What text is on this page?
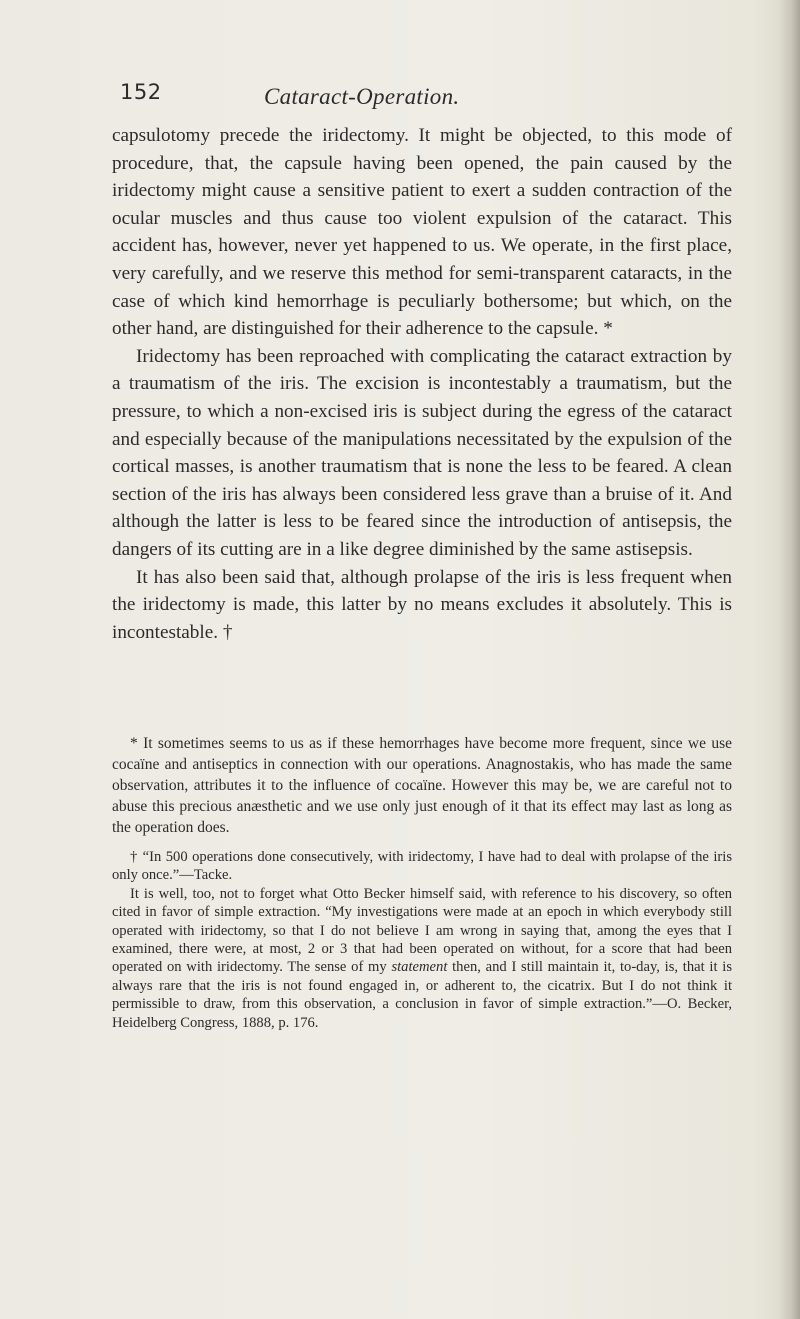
152	Cataract-Operation.

capsulotomy precede the iridectomy. It might be objected, to this mode of procedure, that, the capsule having been opened, the pain caused by the iridectomy might cause a sensitive patient to exert a sudden contraction of the ocular muscles and thus cause too violent expulsion of the cataract. This accident has, however, never yet happened to us. We operate, in the first place, very carefully, and we reserve this method for semi-transparent cataracts, in the case of which kind hemorrhage is peculiarly bothersome; but which, on the other hand, are distinguished for their adherence to the capsule. *

Iridectomy has been reproached with complicating the cataract extraction by a traumatism of the iris. The excision is incontestably a traumatism, but the pressure, to which a non-excised iris is subject during the egress of the cataract and especially because of the manipulations necessitated by the expulsion of the cortical masses, is another traumatism that is none the less to be feared. A clean section of the iris has always been considered less grave than a bruise of it. And although the latter is less to be feared since the introduction of antisepsis, the dangers of its cutting are in a like degree diminished by the same astisepsis.

It has also been said that, although prolapse of the iris is less frequent when the iridectomy is made, this latter by no means excludes it absolutely. This is incontestable. †

* It sometimes seems to us as if these hemorrhages have become more frequent, since we use cocaïne and antiseptics in connection with our operations. Anagnostakis, who has made the same observation, attributes it to the influence of cocaïne. However this may be, we are careful not to abuse this precious anæsthetic and we use only just enough of it that its effect may last as long as the operation does.

† “In 500 operations done consecutively, with iridectomy, I have had to deal with prolapse of the iris only once.”—Tacke.

It is well, too, not to forget what Otto Becker himself said, with reference to his discovery, so often cited in favor of simple extraction. “My investigations were made at an epoch in which everybody still operated with iridectomy, so that I do not believe I am wrong in saying that, among the eyes that I examined, there were, at most, 2 or 3 that had been operated on without, for a score that had been operated on with iridectomy. The sense of my statement then, and I still maintain it, to-day, is, that it is always rare that the iris is not found engaged in, or adherent to, the cicatrix. But I do not think it permissible to draw, from this observation, a conclusion in favor of simple extraction.”—O. Becker, Heidelberg Congress, 1888, p. 176.
